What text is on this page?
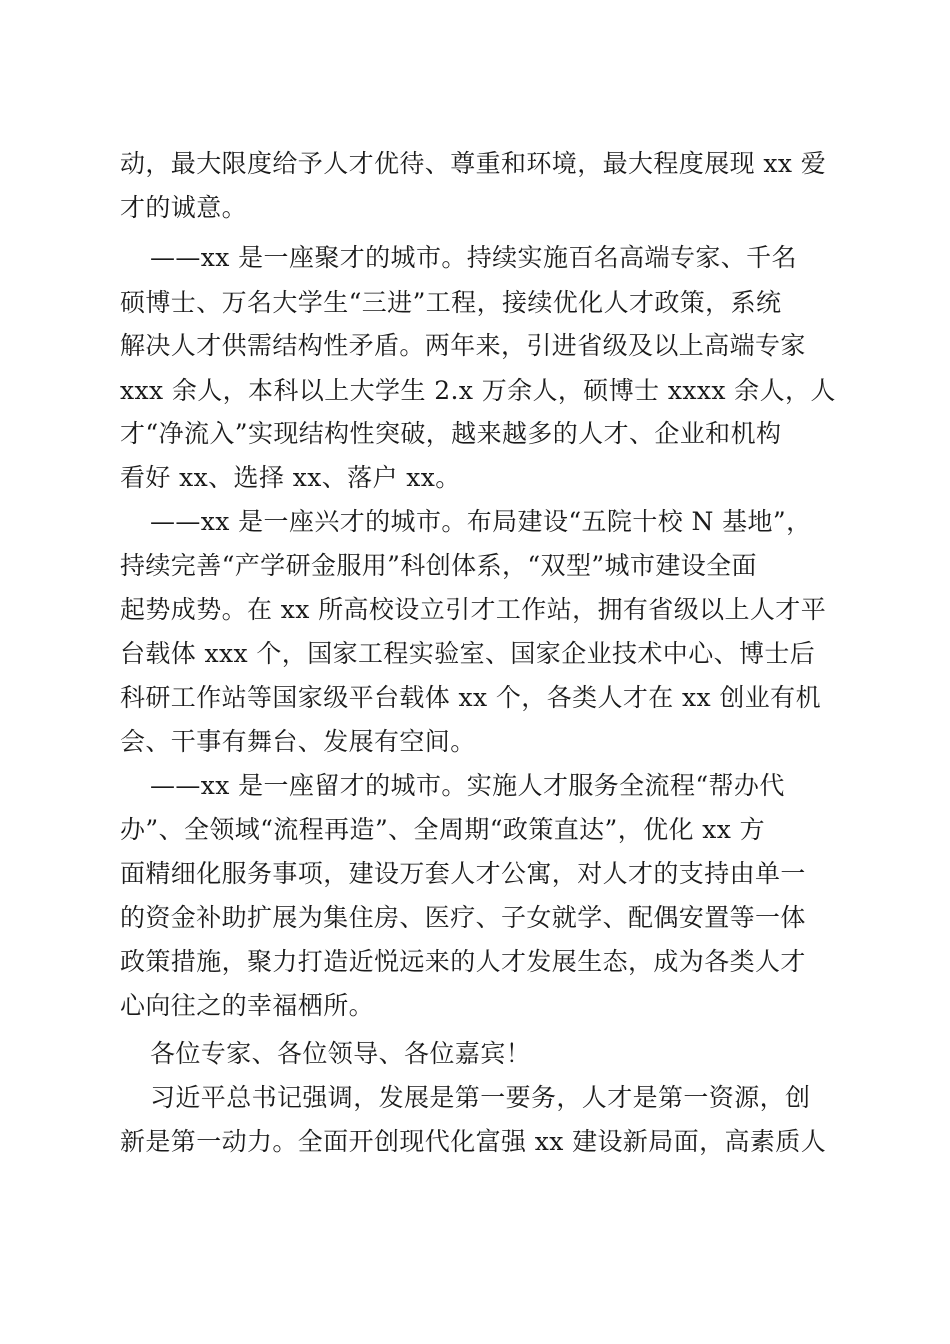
动，最大限度给予人才优待、尊重和环境，最大程度展现 xx 爱
才的诚意。
——xx 是一座聚才的城市。持续实施百名高端专家、千名
硕博士、万名大学生“三进”工程，接续优化人才政策，系统
解决人才供需结构性矛盾。两年来，引进省级及以上高端专家
xxx 余人，本科以上大学生 2.x 万余人，硕博士 xxxx 余人，人
才“净流入”实现结构性突破，越来越多的人才、企业和机构
看好 xx、选择 xx、落户 xx。
——xx 是一座兴才的城市。布局建设“五院十校 N 基地”，
持续完善“产学研金服用”科创体系，“双型”城市建设全面
起势成势。在 xx 所高校设立引才工作站，拥有省级以上人才平
台载体 xxx 个，国家工程实验室、国家企业技术中心、博士后
科研工作站等国家级平台载体 xx 个，各类人才在 xx 创业有机
会、干事有舞台、发展有空间。
——xx 是一座留才的城市。实施人才服务全流程“帮办代
办”、全领域“流程再造”、全周期“政策直达”，优化 xx 方
面精细化服务事项，建设万套人才公寓，对人才的支持由单一
的资金补助扩展为集住房、医疗、子女就学、配偶安置等一体
政策措施，聚力打造近悦远来的人才发展生态，成为各类人才
心向往之的幸福栖所。
各位专家、各位领导、各位嘉宾！
习近平总书记强调，发展是第一要务，人才是第一资源，创
新是第一动力。全面开创现代化富强 xx 建设新局面，高素质人
